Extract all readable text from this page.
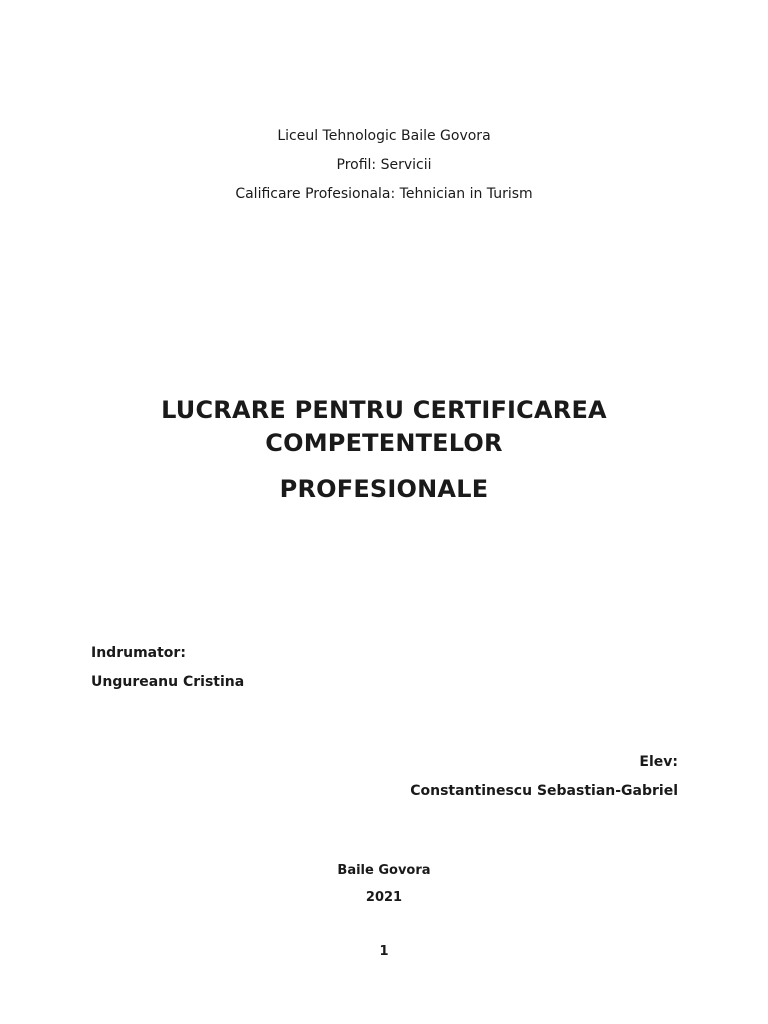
Liceul Tehnologic Baile Govora
Profil: Servicii
Calificare Profesionala: Tehnician in Turism
LUCRARE PENTRU CERTIFICAREA
COMPETENTELOR
PROFESIONALE
Indrumator:
Ungureanu Cristina
Elev:
Constantinescu Sebastian-Gabriel
Baile Govora
2021
1
